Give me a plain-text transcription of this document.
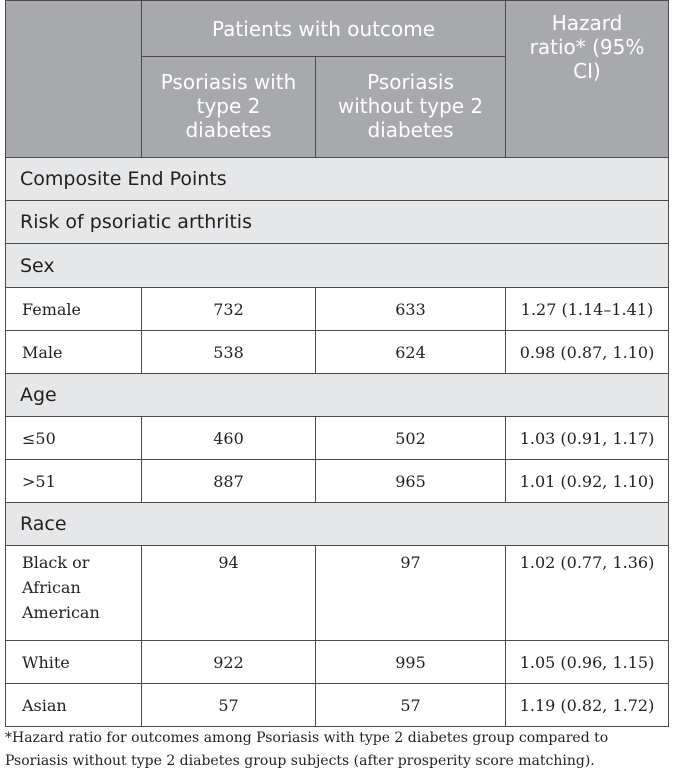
	Patients with outcome		Hazard ratio* (95% CI)

	Psoriasis with type 2 diabetes	Psoriasis without type 2 diabetes	

Composite End Points			
Risk of psoriatic arthritis			
Sex			
Female	732	633	1.27 (1.14–1.41)
Male	538	624	0.98 (0.87, 1.10)
Age			
≤50	460	502	1.03 (0.91, 1.17)
>51	887	965	1.01 (0.92, 1.10)
Race			

Black or African American	94	97	1.02 (0.77, 1.36)
White	922	995	1.05 (0.96, 1.15)
Asian	57	57	1.19 (0.82, 1.72)
*Hazard ratio for outcomes among Psoriasis with type 2 diabetes group compared to Psoriasis without type 2 diabetes group subjects (after prosperity score matching).
